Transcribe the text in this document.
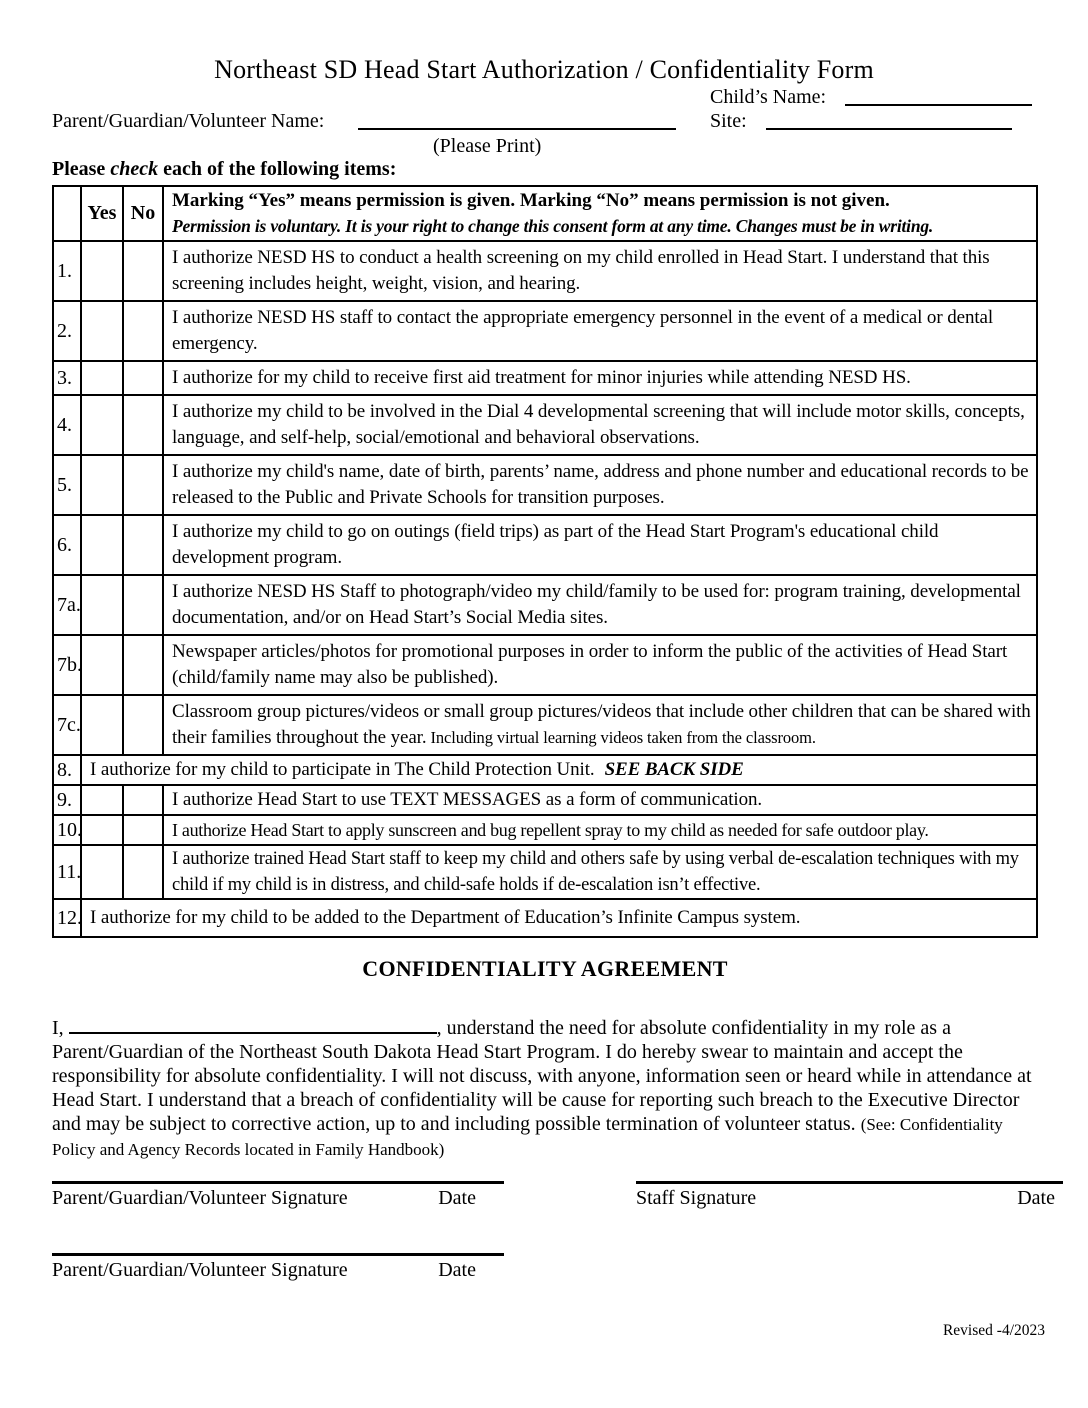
Northeast SD Head Start Authorization / Confidentiality Form
Child’s Name:
Parent/Guardian/Volunteer Name:	Site:
(Please Print)
Please check each of the following items:
	Yes	No	Marking “Yes” means permission is given. Marking “No” means permission is not given.
Permission is voluntary. It is your right to change this consent form at any time. Changes must be in writing.

1.			I authorize NESD HS to conduct a health screening on my child enrolled in Head Start. I understand that this screening includes height, weight, vision, and hearing.
2.			I authorize NESD HS staff to contact the appropriate emergency personnel in the event of a medical or dental emergency.
3.			I authorize for my child to receive first aid treatment for minor injuries while attending NESD HS.
4.			I authorize my child to be involved in the Dial 4 developmental screening that will include motor skills, concepts, language, and self-help, social/emotional and behavioral observations.
5.			I authorize my child's name, date of birth, parents’ name, address and phone number and educational records to be released to the Public and Private Schools for transition purposes.
6.			I authorize my child to go on outings (field trips) as part of the Head Start Program's educational child development program.
7a.			I authorize NESD HS Staff to photograph/video my child/family to be used for: program training, developmental documentation, and/or on Head Start’s Social Media sites.
7b.			Newspaper articles/photos for promotional purposes in order to inform the public of the activities of Head Start (child/family name may also be published).
7c.			Classroom group pictures/videos or small group pictures/videos that include other children that can be shared with their families throughout the year. Including virtual learning videos taken from the classroom.
8.	I authorize for my child to participate in The Child Protection Unit. SEE BACK SIDE		
9.			I authorize Head Start to use TEXT MESSAGES as a form of communication.
10.			I authorize Head Start to apply sunscreen and bug repellent spray to my child as needed for safe outdoor play.
11.			I authorize trained Head Start staff to keep my child and others safe by using verbal de-escalation techniques with my child if my child is in distress, and child-safe holds if de-escalation isn’t effective.
12.	I authorize for my child to be added to the Department of Education’s Infinite Campus system.		
CONFIDENTIALITY AGREEMENT

I,	, understand the need for absolute confidentiality in my role as a Parent/Guardian of the Northeast South Dakota Head Start Program. I do hereby swear to maintain and accept the responsibility for absolute confidentiality. I will not discuss, with anyone, information seen or heard while in attendance at Head Start. I understand that a breach of confidentiality will be cause for reporting such breach to the Executive Director and may be subject to corrective action, up to and including possible termination of volunteer status. (See: Confidentiality Policy and Agency Records located in Family Handbook)

Parent/Guardian/Volunteer Signature	Date	Staff Signature	Date
Parent/Guardian/Volunteer Signature	Date
Revised -4/2023
